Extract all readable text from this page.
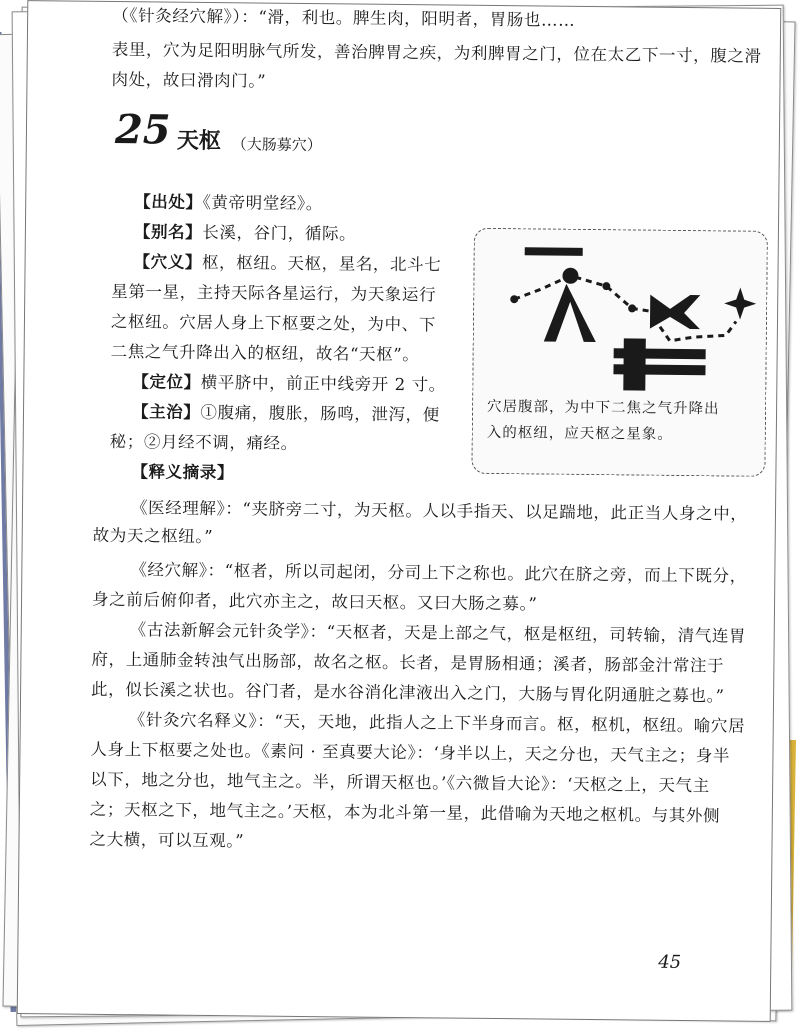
（《针灸经穴解》）：“滑，利也。脾生肉，阳明者，胃肠也……
表里，穴为足阳明脉气所发，善治脾胃之疾，为利脾胃之门，位在太乙下一寸，腹之滑
肉处，故曰滑肉门。”
25 天枢 （大肠募穴）
【出处】《黄帝明堂经》。
【别名】长溪，谷门，循际。
【穴义】枢，枢纽。天枢，星名，北斗七
星第一星，主持天际各星运行，为天象运行
之枢纽。穴居人身上下枢要之处，为中、下
二焦之气升降出入的枢纽，故名“天枢”。
【定位】横平脐中，前正中线旁开 2 寸。
【主治】①腹痛，腹胀，肠鸣，泄泻，便
秘；②月经不调，痛经。
【释义摘录】
穴居腹部，为中下二焦之气升降出
入的枢纽，应天枢之星象。
《医经理解》：“夹脐旁二寸，为天枢。人以手指天、以足踹地，此正当人身之中，
故为天之枢纽。”
《经穴解》：“枢者，所以司起闭，分司上下之称也。此穴在脐之旁，而上下既分，
身之前后俯仰者，此穴亦主之，故曰天枢。又曰大肠之募。”
《古法新解会元针灸学》：“天枢者，天是上部之气，枢是枢纽，司转输，清气连胃
府，上通肺金转浊气出肠部，故名之枢。长者，是胃肠相通；溪者，肠部金汁常注于
此，似长溪之状也。谷门者，是水谷消化津液出入之门，大肠与胃化阴通脏之募也。”
《针灸穴名释义》：“天，天地，此指人之上下半身而言。枢，枢机，枢纽。喻穴居
人身上下枢要之处也。《素问 · 至真要大论》：‘身半以上，天之分也，天气主之；身半
以下，地之分也，地气主之。半，所谓天枢也。’《六微旨大论》：‘天枢之上，天气主
之；天枢之下，地气主之。’天枢，本为北斗第一星，此借喻为天地之枢机。与其外侧
之大横，可以互观。”
45
